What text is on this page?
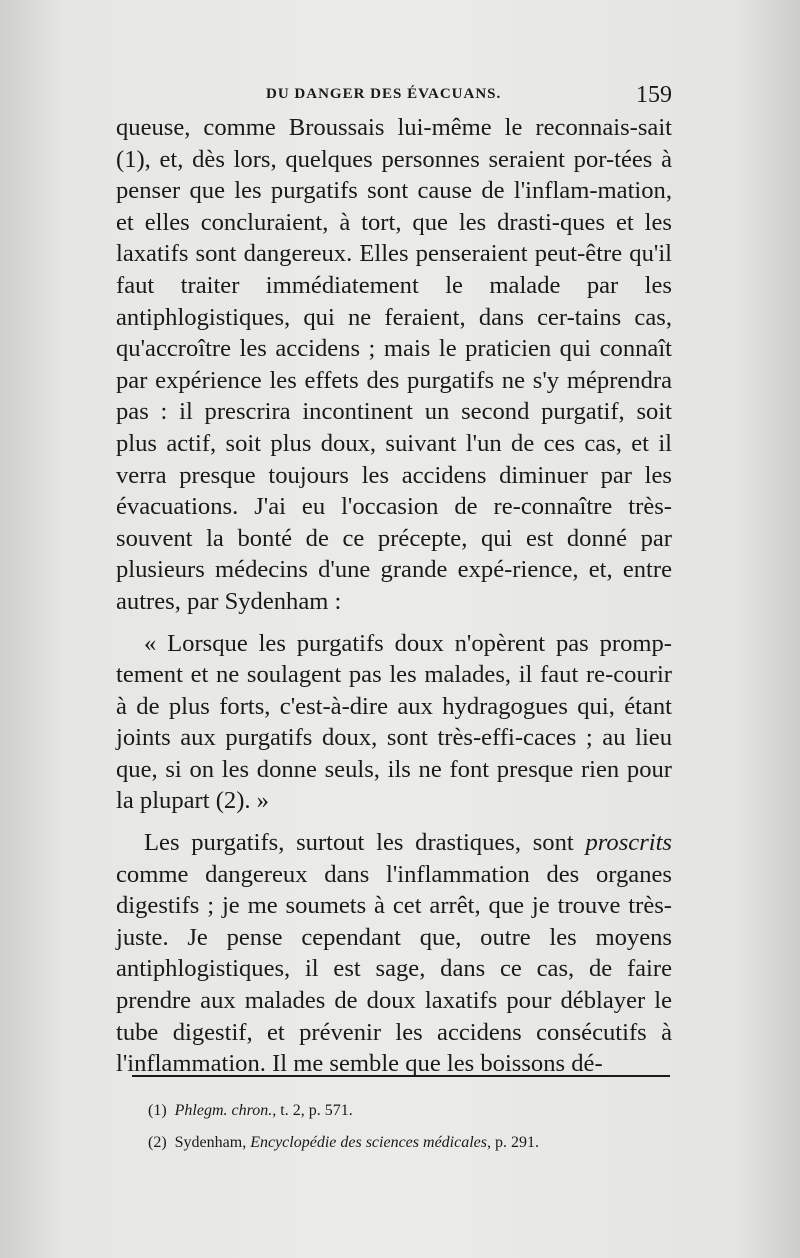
DU DANGER DES ÉVACUANS.	159

queuse, comme Broussais lui-même le reconnais-sait (1), et, dès lors, quelques personnes seraient por-tées à penser que les purgatifs sont cause de l'inflam-mation, et elles concluraient, à tort, que les drasti-ques et les laxatifs sont dangereux. Elles penseraient peut-être qu'il faut traiter immédiatement le malade par les antiphlogistiques, qui ne feraient, dans cer-tains cas, qu'accroître les accidens ; mais le praticien qui connaît par expérience les effets des purgatifs ne s'y méprendra pas : il prescrira incontinent un second purgatif, soit plus actif, soit plus doux, suivant l'un de ces cas, et il verra presque toujours les accidens diminuer par les évacuations. J'ai eu l'occasion de re-connaître très-souvent la bonté de ce précepte, qui est donné par plusieurs médecins d'une grande expé-rience, et, entre autres, par Sydenham :

« Lorsque les purgatifs doux n'opèrent pas promp-tement et ne soulagent pas les malades, il faut re-courir à de plus forts, c'est-à-dire aux hydragogues qui, étant joints aux purgatifs doux, sont très-effi-caces ; au lieu que, si on les donne seuls, ils ne font presque rien pour la plupart (2). »

Les purgatifs, surtout les drastiques, sont proscrits comme dangereux dans l'inflammation des organes digestifs ; je me soumets à cet arrêt, que je trouve très-juste. Je pense cependant que, outre les moyens antiphlogistiques, il est sage, dans ce cas, de faire prendre aux malades de doux laxatifs pour déblayer le tube digestif, et prévenir les accidens consécutifs à l'inflammation. Il me semble que les boissons dé-

(1) Phlegm. chron., t. 2, p. 571.

(2) Sydenham, Encyclopédie des sciences médicales, p. 291.
